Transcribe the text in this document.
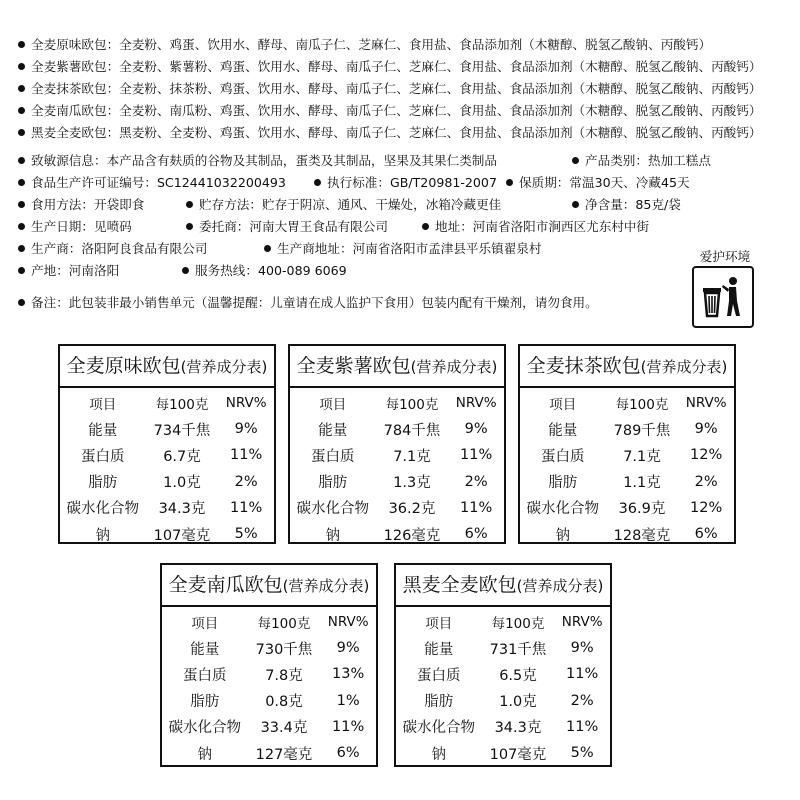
全麦原味欧包：全麦粉、鸡蛋、饮用水、酵母、南瓜子仁、芝麻仁、食用盐、食品添加剂（木糖醇、脱氢乙酸钠、丙酸钙）
全麦紫薯欧包：全麦粉、紫薯粉、鸡蛋、饮用水、酵母、南瓜子仁、芝麻仁、食用盐、食品添加剂（木糖醇、脱氢乙酸钠、丙酸钙）
全麦抹茶欧包：全麦粉、抹茶粉、鸡蛋、饮用水、酵母、南瓜子仁、芝麻仁、食用盐、食品添加剂（木糖醇、脱氢乙酸钠、丙酸钙）
全麦南瓜欧包：全麦粉、南瓜粉、鸡蛋、饮用水、酵母、南瓜子仁、芝麻仁、食用盐、食品添加剂（木糖醇、脱氢乙酸钠、丙酸钙）
黑麦全麦欧包：黑麦粉、全麦粉、鸡蛋、饮用水、酵母、南瓜子仁、芝麻仁、食用盐、食品添加剂（木糖醇、脱氢乙酸钠、丙酸钙）
致敏源信息：本产品含有麸质的谷物及其制品，蛋类及其制品，坚果及其果仁类制品	产品类别：热加工糕点
食品生产许可证编号：SC12441032200493	执行标准：GB/T20981-2007	保质期：常温30天、冷藏45天
食用方法：开袋即食	贮存方法：贮存于阴凉、通风、干燥处，冰箱冷藏更佳	净含量：85克/袋
生产日期：见喷码	委托商：河南大胃王食品有限公司	地址：河南省洛阳市涧西区尤东村中街
生产商：洛阳阿良食品有限公司	生产商地址：河南省洛阳市孟津县平乐镇翟泉村
产地：河南洛阳	服务热线：400-089 6069
备注：此包装非最小销售单元（温馨提醒：儿童请在成人监护下食用）包装内配有干燥剂，请勿食用。
爱护环境
全麦原味欧包(营养成分表)
项目	每100克	NRV%
能量	734千焦	9%
蛋白质	6.7克	11%
脂肪	1.0克	2%
碳水化合物	34.3克	11%
钠	107毫克	5%
全麦紫薯欧包(营养成分表)
项目	每100克	NRV%
能量	784千焦	9%
蛋白质	7.1克	11%
脂肪	1.3克	2%
碳水化合物	36.2克	11%
钠	126毫克	6%
全麦抹茶欧包(营养成分表)
项目	每100克	NRV%
能量	789千焦	9%
蛋白质	7.1克	12%
脂肪	1.1克	2%
碳水化合物	36.9克	12%
钠	128毫克	6%
全麦南瓜欧包(营养成分表)
项目	每100克	NRV%
能量	730千焦	9%
蛋白质	7.8克	13%
脂肪	0.8克	1%
碳水化合物	33.4克	11%
钠	127毫克	6%
黑麦全麦欧包(营养成分表)
项目	每100克	NRV%
能量	731千焦	9%
蛋白质	6.5克	11%
脂肪	1.0克	2%
碳水化合物	34.3克	11%
钠	107毫克	5%
